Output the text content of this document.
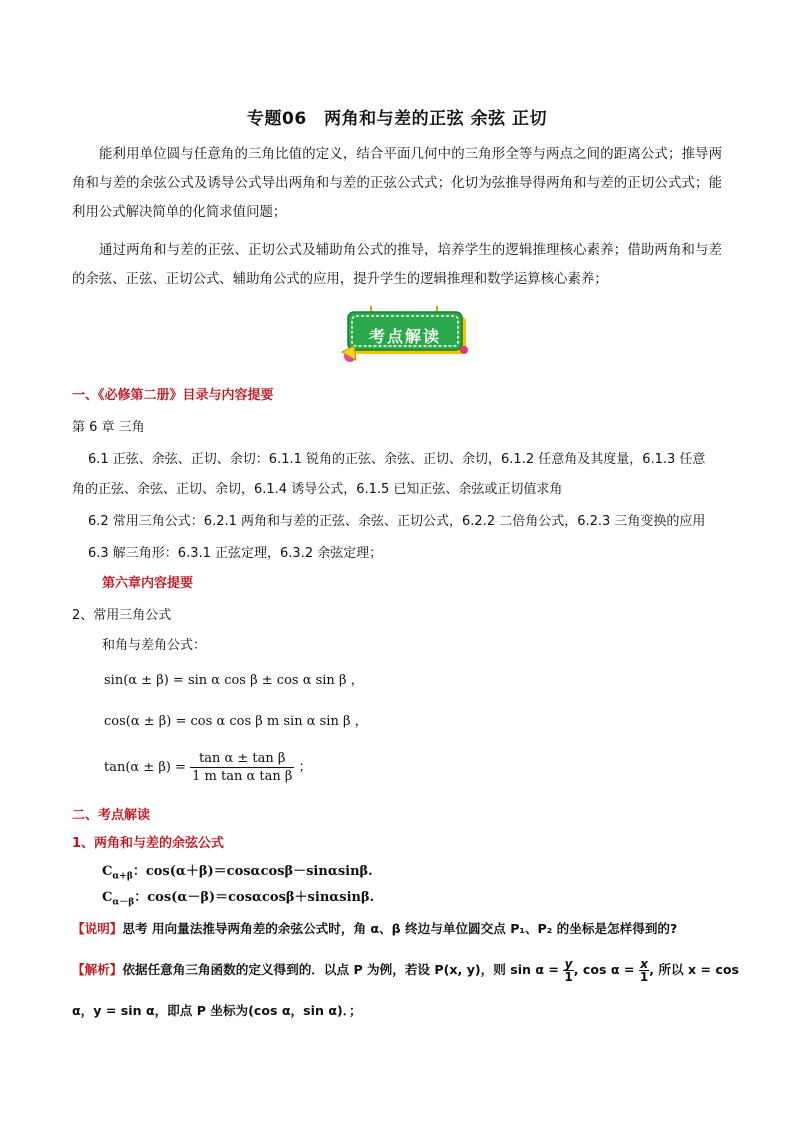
专题06　两角和与差的正弦 余弦 正切
能利用单位圆与任意角的三角比值的定义，结合平面几何中的三角形全等与两点之间的距离公式；推导两角和与差的余弦公式及诱导公式导出两角和与差的正弦公式式；化切为弦推导得两角和与差的正切公式式；能利用公式解决简单的化简求值问题；
通过两角和与差的正弦、正切公式及辅助角公式的推导，培养学生的逻辑推理核心素养；借助两角和与差的余弦、正弦、正切公式、辅助角公式的应用，提升学生的逻辑推理和数学运算核心素养；
考点解读
一、《必修第二册》目录与内容提要
第 6 章 三角
6.1 正弦、余弦、正切、余切：6.1.1 锐角的正弦、余弦、正切、余切，6.1.2 任意角及其度量，6.1.3 任意
角的正弦、余弦、正切、余切，6.1.4 诱导公式，6.1.5 已知正弦、余弦或正切值求角
6.2 常用三角公式：6.2.1 两角和与差的正弦、余弦、正切公式，6.2.2 二倍角公式，6.2.3 三角变换的应用
6.3 解三角形：6.3.1 正弦定理，6.3.2 余弦定理；
第六章内容提要
2、常用三角公式
和角与差角公式：
sin(α ± β) = sin α cos β ± cos α sin β ，
cos(α ± β) = cos α cos β m sin α sin β ，
$\tan(\alpha \pm \beta) = \frac{\text{tan α ± tan β}}{\text{1 m tan α tan β}}$ ；
二、考点解读
1、两角和与差的余弦公式
$C_{\alpha+\beta}$：cos(α＋β)＝cosαcosβ－sinαsinβ.
$C_{\alpha-\beta}$：cos(α－β)＝cosαcosβ＋sinαsinβ.
【说明】思考 用向量法推导两角差的余弦公式时，角 α、β 终边与单位圆交点 P₁、P₂ 的坐标是怎样得到的?
【解析】依据任意角三角函数的定义得到的．以点 P 为例，若设 P(x, y)，则 $\sin \alpha = \frac{y}{1}$ , $\cos \alpha = \frac{x}{1}$ , 所以 x = cos
α，y = sin α，即点 P 坐标为(cos α，sin α)．；
